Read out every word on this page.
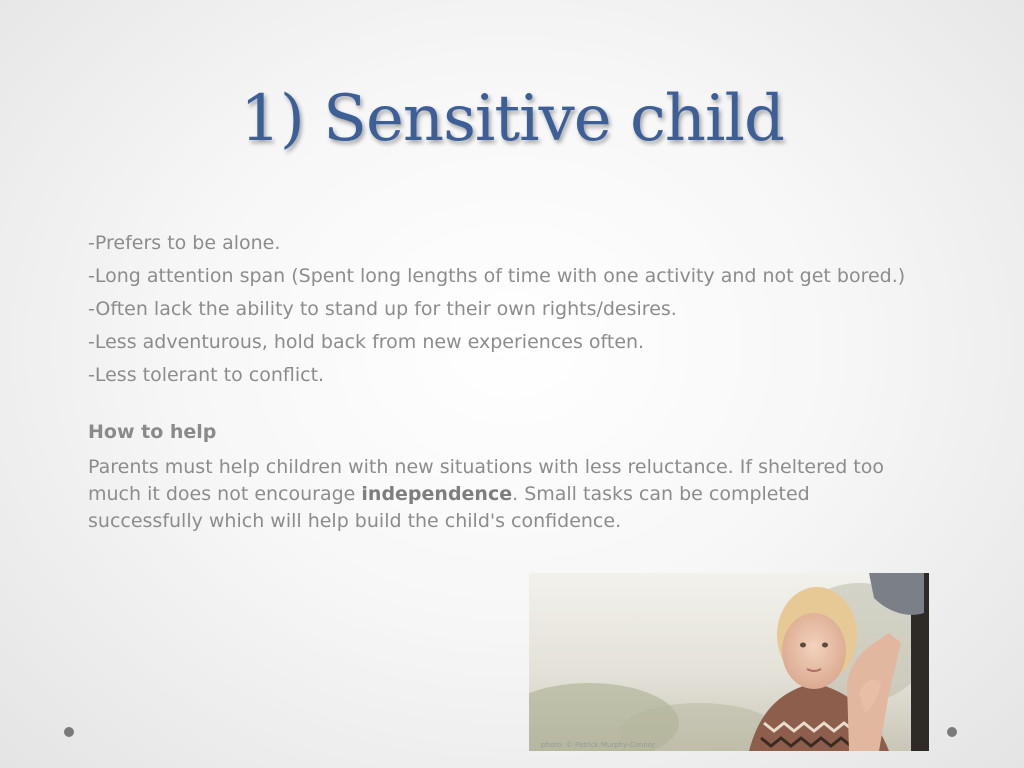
1) Sensitive child

-Prefers to be alone.

-Long attention span (Spent long lengths of time with one activity and not get bored.)

-Often lack the ability to stand up for their own rights/desires.

-Less adventurous, hold back from new experiences often.

-Less tolerant to conflict.

How to help

Parents must help children with new situations with less reluctance. If sheltered too much it does not encourage independence. Small tasks can be completed successfully which will help build the child's confidence.

photo: © Patrick Murphy-Connor
